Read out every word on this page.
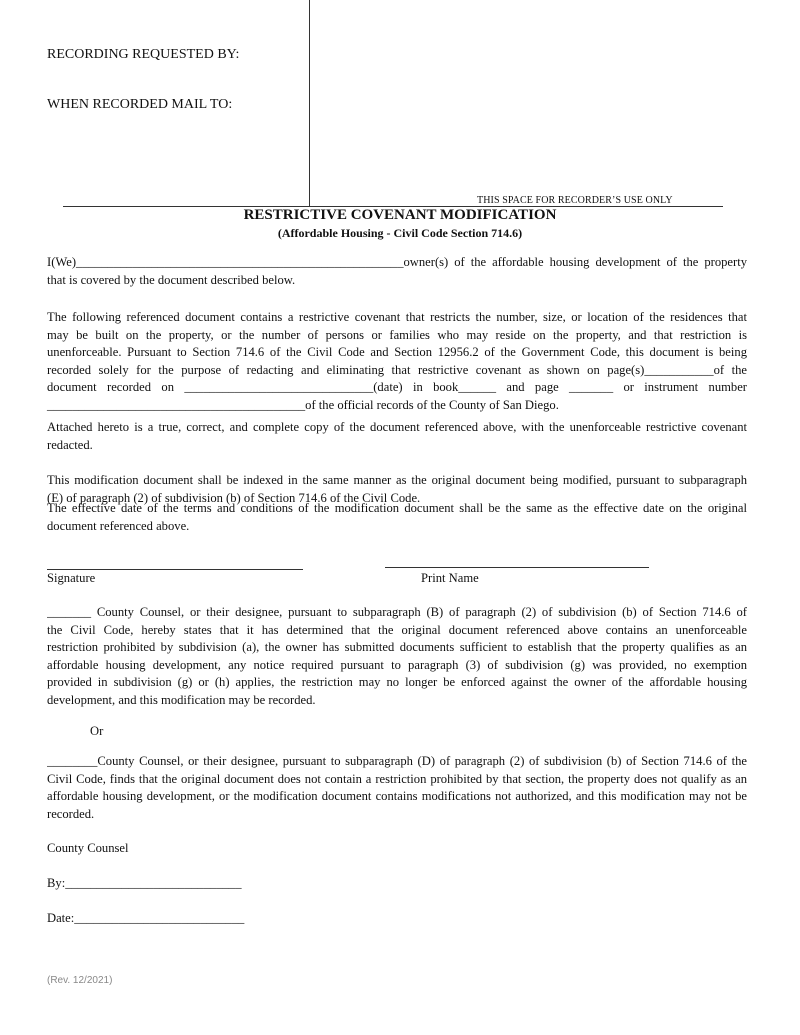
RECORDING REQUESTED BY:
WHEN RECORDED MAIL TO:
THIS SPACE FOR RECORDER’S USE ONLY
RESTRICTIVE COVENANT MODIFICATION
(Affordable Housing - Civil Code Section 714.6)
I(We)____________________________________________________owner(s) of the affordable housing development of the property
that is covered by the document described below.
The following referenced document contains a restrictive covenant that restricts the number, size, or location of the residences that
may be built on the property, or the number of persons or families who may reside on the property, and that restriction is
unenforceable. Pursuant to Section 714.6 of the Civil Code and Section 12956.2 of the Government Code, this document is being
recorded solely for the purpose of redacting and eliminating that restrictive covenant as shown on page(s)___________of the
document recorded on ______________________________(date) in book______ and page _______ or instrument number
_________________________________________of the official records of the County of San Diego.
Attached hereto is a true, correct, and complete copy of the document referenced above, with the unenforceable restrictive covenant
redacted.
This modification document shall be indexed in the same manner as the original document being modified, pursuant to subparagraph
(E) of paragraph (2) of subdivision (b) of Section 714.6 of the Civil Code.
The effective date of the terms and conditions of the modification document shall be the same as the effective date on the original
document referenced above.
Signature	Print Name
_______ County Counsel, or their designee, pursuant to subparagraph (B) of paragraph (2) of subdivision (b) of Section 714.6 of
the Civil Code, hereby states that it has determined that the original document referenced above contains an unenforceable
restriction prohibited by subdivision (a), the owner has submitted documents sufficient to establish that the property qualifies as an
affordable housing development, any notice required pursuant to paragraph (3) of subdivision (g) was provided, no exemption
provided in subdivision (g) or (h) applies, the restriction may no longer be enforced against the owner of the affordable housing
development, and this modification may be recorded.
Or
________County Counsel, or their designee, pursuant to subparagraph (D) of paragraph (2) of subdivision (b) of Section 714.6 of the
Civil Code, finds that the original document does not contain a restriction prohibited by that section, the property does not qualify as an
affordable housing development, or the modification document contains modifications not authorized, and this modification may not be
recorded.
County Counsel
By:____________________________
Date:___________________________
(Rev. 12/2021)
